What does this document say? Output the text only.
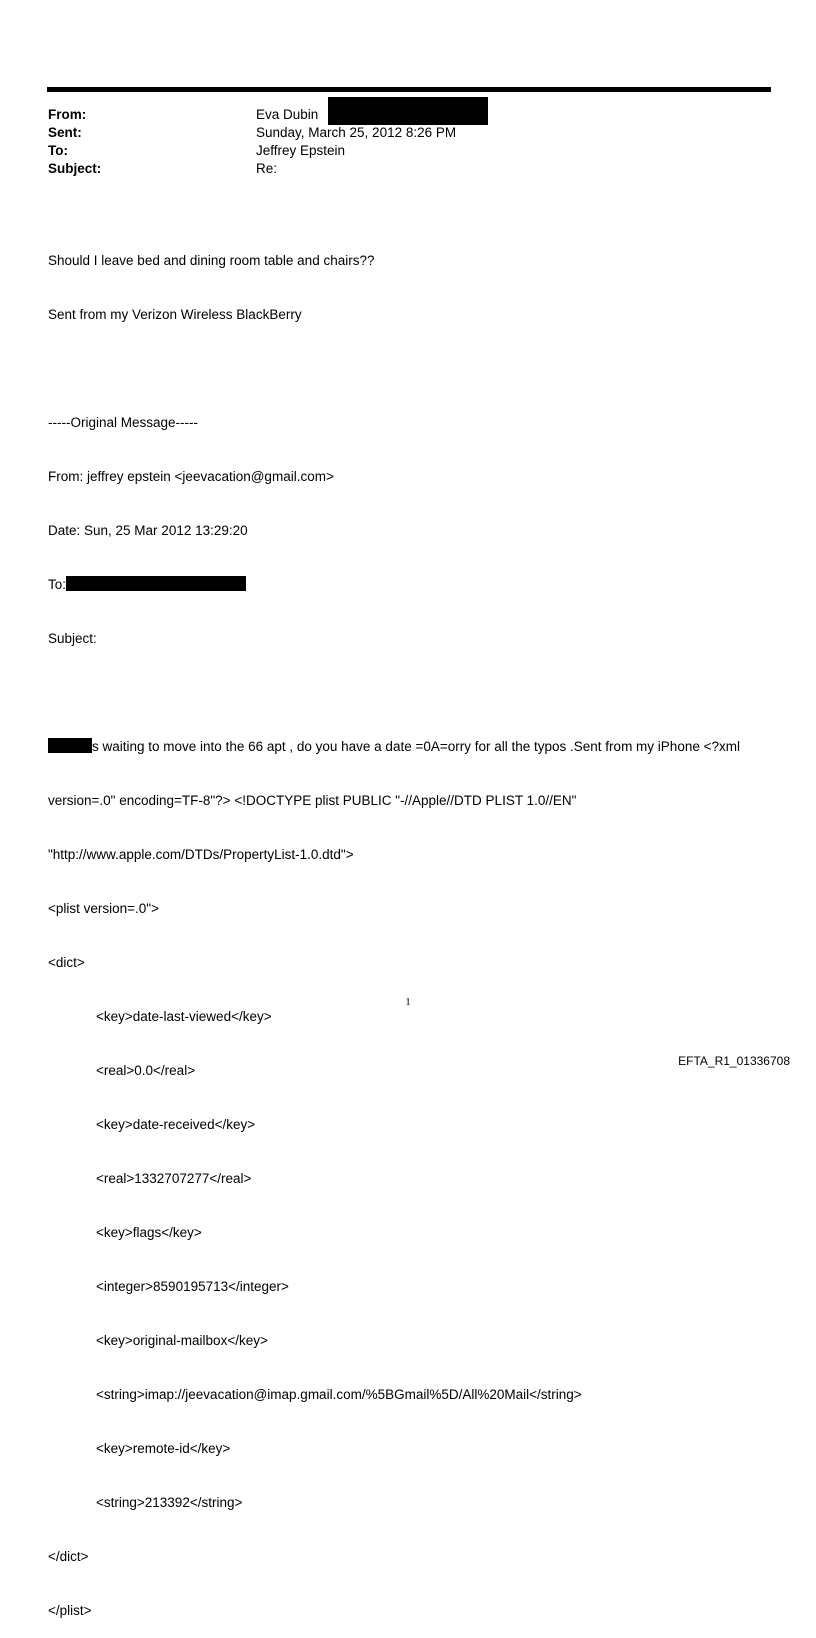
From:	Eva Dubin
Sent:	Sunday, March 25, 2012 8:26 PM
To:	Jeffrey Epstein
Subject:	Re:

Should I leave bed and dining room table and chairs??

Sent from my Verizon Wireless BlackBerry

-----Original Message-----

From: jeffrey epstein <jeevacation@gmail.com>

Date: Sun, 25 Mar 2012 13:29:20

To:

Subject:

s waiting to move into the 66 apt , do you have a date =0A=orry for all the typos .Sent from my iPhone <?xml

version=.0" encoding=TF-8"?> <!DOCTYPE plist PUBLIC "-//Apple//DTD PLIST 1.0//EN"

"http://www.apple.com/DTDs/PropertyList-1.0.dtd">

<plist version=.0">

<dict>

<key>date-last-viewed</key>

<real>0.0</real>

<key>date-received</key>

<real>1332707277</real>

<key>flags</key>

<integer>8590195713</integer>

<key>original-mailbox</key>

<string>imap://jeevacation@imap.gmail.com/%5BGmail%5D/All%20Mail</string>

<key>remote-id</key>

<string>213392</string>

</dict>

</plist>

1
EFTA_R1_01336708
